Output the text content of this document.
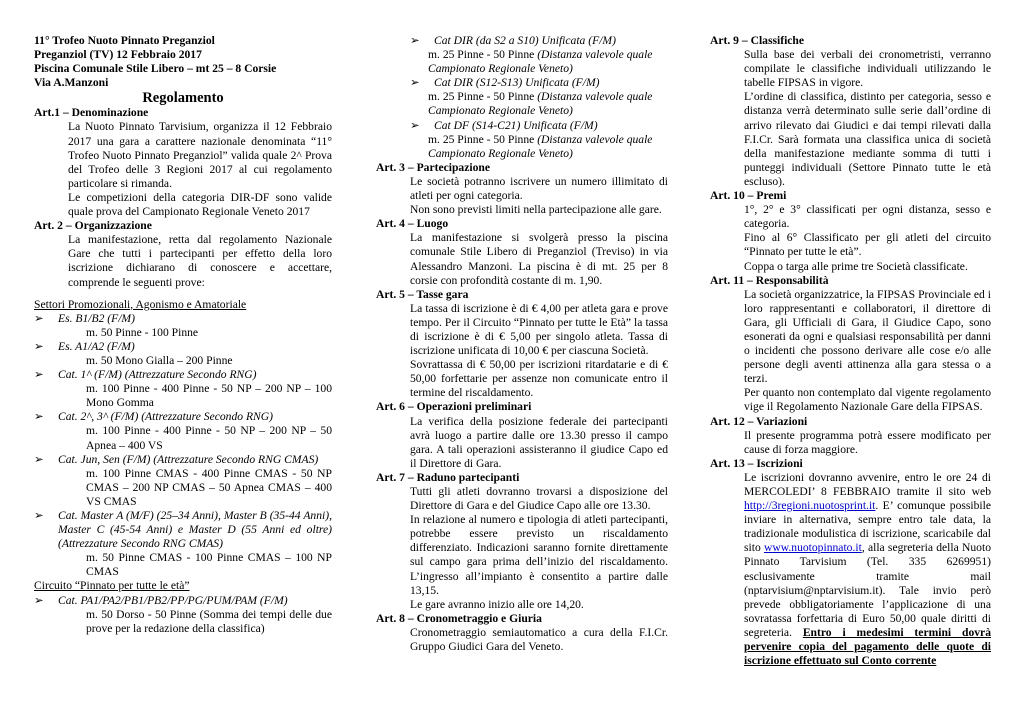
11° Trofeo Nuoto Pinnato Preganziol

Preganziol (TV) 12 Febbraio 2017

Piscina Comunale Stile Libero – mt 25 – 8 Corsie

Via A.Manzoni

Regolamento

Art.1 – Denominazione

La Nuoto Pinnato Tarvisium, organizza il 12 Febbraio 2017 una gara a carattere nazionale denominata “11° Trofeo Nuoto Pinnato Preganziol” valida quale 2^ Prova del Trofeo delle 3 Regioni 2017 al cui regolamento particolare si rimanda.

Le competizioni della categoria DIR-DF sono valide quale prova del Campionato Regionale Veneto 2017

Art. 2 – Organizzazione

La manifestazione, retta dal regolamento Nazionale Gare che tutti i partecipanti per effetto della loro iscrizione dichiarano di conoscere e accettare, comprende le seguenti prove:

Settori Promozionali, Agonismo e Amatoriale

➢ Es. B1/B2 (F/M)

m. 50 Pinne - 100 Pinne

➢ Es. A1/A2 (F/M)

m. 50 Mono Gialla – 200 Pinne

➢ Cat. 1^ (F/M) (Attrezzature Secondo RNG)

m. 100 Pinne - 400 Pinne - 50 NP – 200 NP – 100 Mono Gomma

➢ Cat. 2^, 3^ (F/M) (Attrezzature Secondo RNG)

m. 100 Pinne - 400 Pinne - 50 NP – 200 NP – 50 Apnea – 400 VS

➢ Cat. Jun, Sen (F/M) (Attrezzature Secondo RNG CMAS)

m. 100 Pinne CMAS - 400 Pinne CMAS - 50 NP CMAS – 200 NP CMAS – 50 Apnea CMAS – 400 VS CMAS

➢ Cat. Master A (M/F) (25–34 Anni), Master B (35-44 Anni), Master C (45-54 Anni) e Master D (55 Anni ed oltre)(Attrezzature Secondo RNG CMAS)

m. 50 Pinne CMAS - 100 Pinne CMAS – 100 NP CMAS

Circuito “Pinnato per tutte le età”

➢ Cat. PA1/PA2/PB1/PB2/PP/PG/PUM/PAM (F/M)

m. 50 Dorso - 50 Pinne (Somma dei tempi delle due prove per la redazione della classifica)

➢ Cat DIR (da S2 a S10) Unificata (F/M)

m. 25 Pinne - 50 Pinne (Distanza valevole quale Campionato Regionale Veneto)

➢ Cat DIR (S12-S13) Unificata (F/M)

m. 25 Pinne - 50 Pinne (Distanza valevole quale Campionato Regionale Veneto)

➢ Cat DF (S14-C21) Unificata (F/M)

m. 25 Pinne - 50 Pinne (Distanza valevole quale Campionato Regionale Veneto)

Art. 3 – Partecipazione

Le società potranno iscrivere un numero illimitato di atleti per ogni categoria.

Non sono previsti limiti nella partecipazione alle gare.

Art. 4 – Luogo

La manifestazione si svolgerà presso la piscina comunale Stile Libero di Preganziol (Treviso) in via Alessandro Manzoni. La piscina è di mt. 25 per 8 corsie con profondità costante di m. 1,90.

Art. 5 – Tasse gara

La tassa di iscrizione è di € 4,00 per atleta gara e prove tempo. Per il Circuito “Pinnato per tutte le Età” la tassa di iscrizione è di € 5,00 per singolo atleta. Tassa di iscrizione unificata di 10,00 € per ciascuna Società.

Sovrattassa di € 50,00 per iscrizioni ritardatarie e di € 50,00 forfettarie per assenze non comunicate entro il termine del riscaldamento.

Art. 6 – Operazioni preliminari

La verifica della posizione federale dei partecipanti avrà luogo a partire dalle ore 13.30 presso il campo gara. A tali operazioni assisteranno il giudice Capo ed il Direttore di Gara.

Art. 7 – Raduno partecipanti

Tutti gli atleti dovranno trovarsi a disposizione del Direttore di Gara e del Giudice Capo alle ore 13.30.

In relazione al numero e tipologia di atleti partecipanti, potrebbe essere previsto un riscaldamento differenziato. Indicazioni saranno fornite direttamente sul campo gara prima dell’inizio del riscaldamento. L’ingresso all’impianto è consentito a partire dalle 13,15.

Le gare avranno inizio alle ore 14,20.

Art. 8 – Cronometraggio e Giuria

Cronometraggio semiautomatico a cura della F.I.Cr. Gruppo Giudici Gara del Veneto.

Art. 9 – Classifiche

Sulla base dei verbali dei cronometristi, verranno compilate le classifiche individuali utilizzando le tabelle FIPSAS in vigore.

L’ordine di classifica, distinto per categoria, sesso e distanza verrà determinato sulle serie dall’ordine di arrivo rilevato dai Giudici e dai tempi rilevati dalla F.I.Cr. Sarà formata una classifica unica di società della manifestazione mediante somma di tutti i punteggi individuali (Settore Pinnato tutte le età escluso).

Art. 10 – Premi

1°, 2° e 3° classificati per ogni distanza, sesso e categoria.

Fino al 6° Classificato per gli atleti del circuito “Pinnato per tutte le età”.

Coppa o targa alle prime tre Società classificate.

Art. 11 – Responsabilità

La società organizzatrice, la FIPSAS Provinciale ed i loro rappresentanti e collaboratori, il direttore di Gara, gli Ufficiali di Gara, il Giudice Capo, sono esonerati da ogni e qualsiasi responsabilità per danni o incidenti che possono derivare alle cose e/o alle persone degli aventi attinenza alla gara stessa o a terzi.

Per quanto non contemplato dal vigente regolamento vige il Regolamento Nazionale Gare della FIPSAS.

Art. 12 – Variazioni

Il presente programma potrà essere modificato per cause di forza maggiore.

Art. 13 – Iscrizioni

Le iscrizioni dovranno avvenire, entro le ore 24 di MERCOLEDI’ 8 FEBBRAIO tramite il sito web http://3regioni.nuotosprint.it. E’ comunque possibile inviare in alternativa, sempre entro tale data, la tradizionale modulistica di iscrizione, scaricabile dal sito www.nuotopinnato.it, alla segreteria della Nuoto Pinnato Tarvisium (Tel. 335 6269951) esclusivamente tramite mail (nptarvisium@nptarvisium.it). Tale invio però prevede obbligatoriamente l’applicazione di una sovratassa forfettaria di Euro 50,00 quale diritti di segreteria. Entro i medesimi termini dovrà pervenire copia del pagamento delle quote di iscrizione effettuato sul Conto corrente
